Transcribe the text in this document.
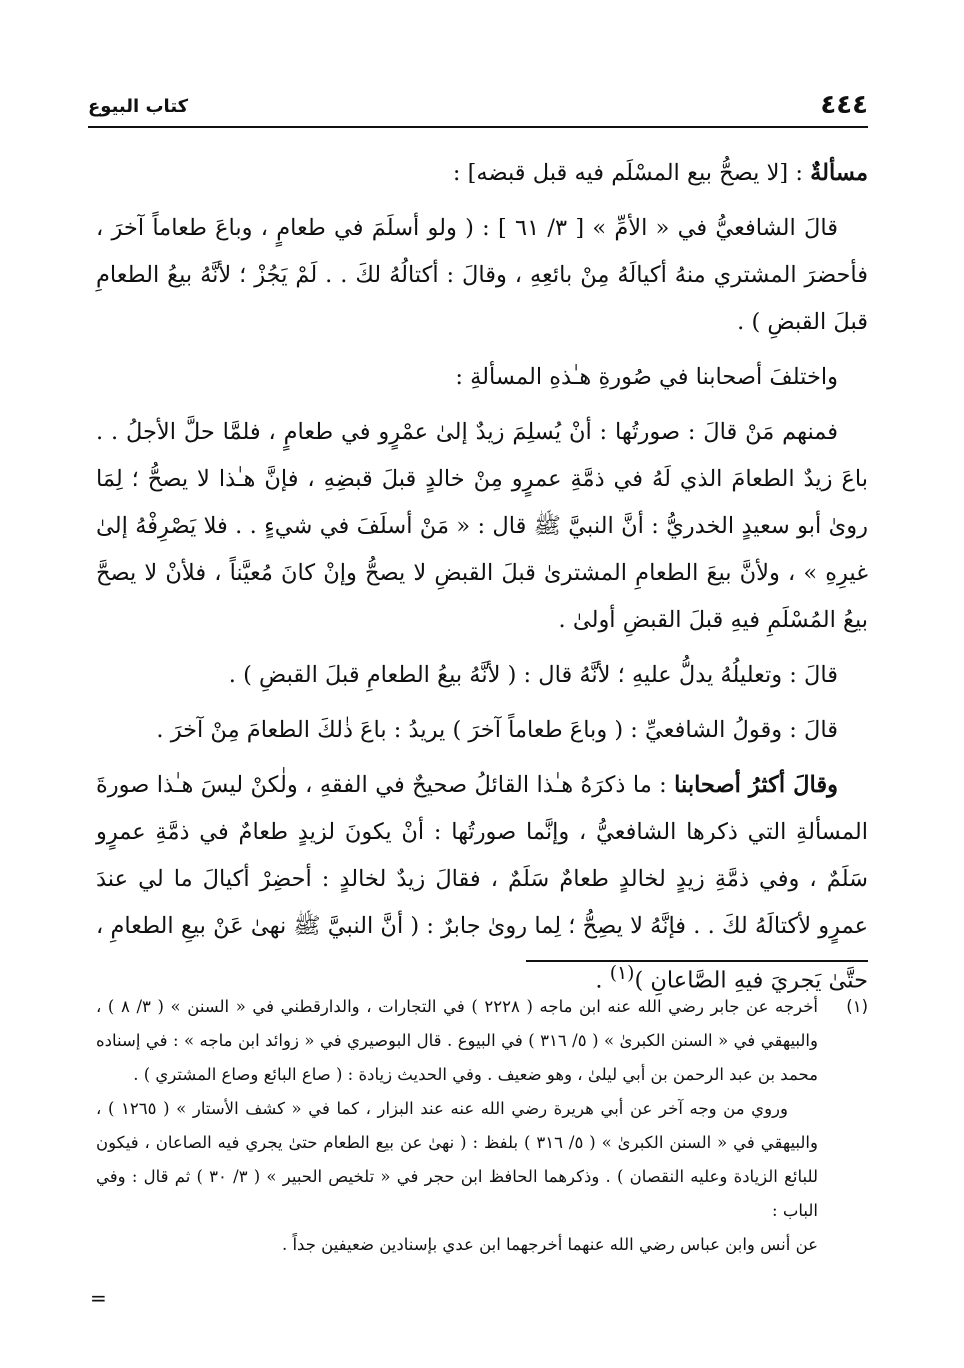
٤٤٤
كتاب البيوع

مسألةٌ : [لا يصحُّ بيع المسْلَم فيه قبل قبضه] :

قالَ الشافعيُّ في « الأمِّ » [ ٣/ ٦١ ] : ( ولو أسلَمَ في طعامٍ ، وباعَ طعاماً آخرَ ، فأحضرَ المشتري منهُ أكيالَهُ مِنْ بائعِهِ ، وقالَ : أكتالُهُ لكَ . . لَمْ يَجُزْ ؛ لأنَّهُ بيعُ الطعامِ قبلَ القبضِ ) .

واختلفَ أصحابنا في صُورةِ هـٰذهِ المسألةِ :

فمنهم مَنْ قالَ : صورتُها : أنْ يُسلِمَ زيدٌ إلىٰ عمْرٍو في طعامٍ ، فلمَّا حلَّ الأجلُ . . باعَ زيدٌ الطعامَ الذي لَهُ في ذمَّةِ عمرٍو مِنْ خالدٍ قبلَ قبضِهِ ، فإنَّ هـٰذا لا يصحُّ ؛ لِمَا روىٰ أبو سعيدٍ الخدريُّ : أنَّ النبيَّ ﷺ قال : « مَنْ أسلَفَ في شيءٍ . . فلا يَصْرِفْهُ إلىٰ غيرِهِ » ، ولأنَّ بيعَ الطعامِ المشترىٰ قبلَ القبضِ لا يصحُّ وإنْ كانَ مُعيَّناً ، فلأنْ لا يصحَّ بيعُ المُسْلَمِ فيهِ قبلَ القبضِ أولىٰ .

قالَ : وتعليلُهُ يدلُّ عليهِ ؛ لأنَّهُ قال : ( لأنَّهُ بيعُ الطعامِ قبلَ القبضِ ) .

قالَ : وقولُ الشافعيِّ : ( وباعَ طعاماً آخرَ ) يريدُ : باعَ ذٰلكَ الطعامَ مِنْ آخرَ .

وقالَ أكثرُ أصحابنا : ما ذكرَهُ هـٰذا القائلُ صحيحٌ في الفقهِ ، ولٰكنْ ليسَ هـٰذا صورةَ المسألةِ التي ذكرها الشافعيُّ ، وإنَّما صورتُها : أنْ يكونَ لزيدٍ طعامٌ في ذمَّةِ عمرٍو سَلَمٌ ، وفي ذمَّةِ زيدٍ لخالدٍ طعامٌ سَلَمٌ ، فقالَ زيدٌ لخالدٍ : أحضِرْ أكيالَ ما لي عندَ عمرٍو لأكتالَهُ لكَ . . فإنَّهُ لا يصِحُّ ؛ لِما روىٰ جابرٌ : ( أنَّ النبيَّ ﷺ نهىٰ عَنْ بيعِ الطعامِ ، حتَّىٰ يَجريَ فيهِ الصَّاعانِ )$^{(١)}$ .

(١)

أخرجه عن جابر رضي الله عنه ابن ماجه ( ٢٢٢٨ ) في التجارات ، والدارقطني في « السنن » ( ٣/ ٨ ) ، والبيهقي في « السنن الكبرىٰ » ( ٥/ ٣١٦ ) في البيوع . قال البوصيري في « زوائد ابن ماجه » : في إسناده محمد بن عبد الرحمن بن أبي ليلىٰ ، وهو ضعيف . وفي الحديث زيادة : ( صاع البائع وصاع المشتري ) .

وروي من وجه آخر عن أبي هريرة رضي الله عنه عند البزار ، كما في « كشف الأستار » ( ١٢٦٥ ) ، والبيهقي في « السنن الكبرىٰ » ( ٥/ ٣١٦ ) بلفظ : ( نهىٰ عن بيع الطعام حتىٰ يجري فيه الصاعان ، فيكون للبائع الزيادة وعليه النقصان ) . وذكرهما الحافظ ابن حجر في « تلخيص الحبير » ( ٣/ ٣٠ ) ثم قال : وفي الباب :

عن أنس وابن عباس رضي الله عنهما أخرجهما ابن عدي بإسنادين ضعيفين جداً .

=
